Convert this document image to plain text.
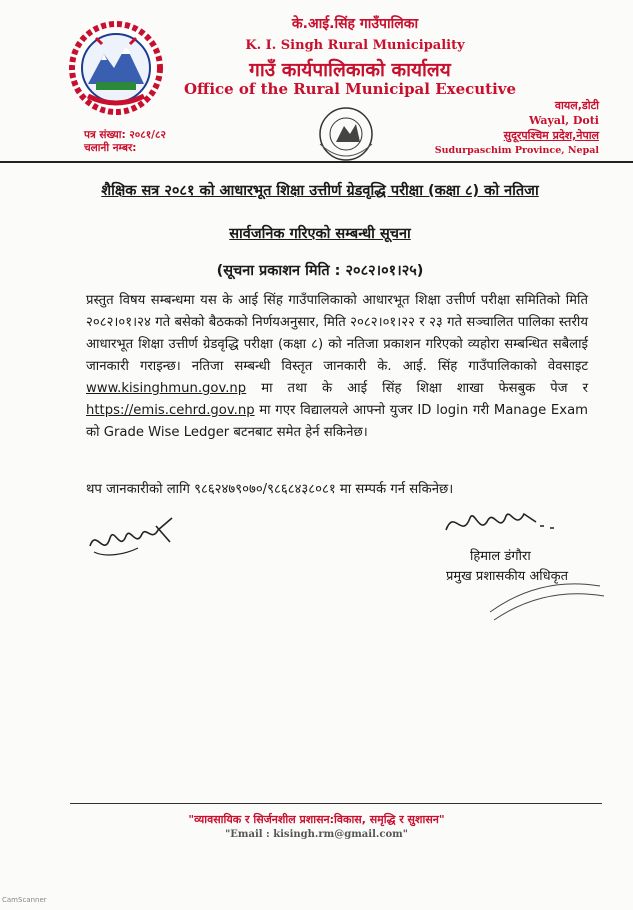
के.आई.सिंह गाउँपालिका
K. I. Singh Rural Municipality
गाउँ कार्यपालिकाको कार्यालय
Office of the Rural Municipal Executive
वायल,डोटी
Wayal, Doti
सुदूरपश्चिम प्रदेश,नेपाल
Sudurpaschim Province, Nepal
पत्र संख्या: २०८१/८२
चलानी नम्बर:
शैक्षिक सत्र २०८१ को आधारभूत शिक्षा उत्तीर्ण ग्रेडवृद्धि परीक्षा (कक्षा ८) को नतिजा
सार्वजनिक गरिएको सम्बन्धी सूचना
(सूचना प्रकाशन मिति : २०८२।०१।२५)
प्रस्तुत विषय सम्बन्धमा यस के आई सिंह गाउँपालिकाको आधारभूत शिक्षा उत्तीर्ण परीक्षा समितिको मिति २०८२।०१।२४ गते बसेको बैठकको निर्णयअनुसार, मिति २०८२।०१।२२ र २३ गते सञ्चालित पालिका स्तरीय आधारभूत शिक्षा उत्तीर्ण ग्रेडवृद्धि परीक्षा (कक्षा ८) को नतिजा प्रकाशन गरिएको व्यहोरा सम्बन्धित सबैलाई जानकारी गराइन्छ। नतिजा सम्बन्धी विस्तृत जानकारी के. आई. सिंह गाउँपालिकाको वेवसाइट www.kisinghmun.gov.np मा तथा के आई सिंह शिक्षा शाखा फेसबुक पेज र https://emis.cehrd.gov.np मा गएर विद्यालयले आफ्नो युजर ID login गरी Manage Exam को Grade Wise Ledger बटनबाट समेत हेर्न सकिनेछ।
थप जानकारीको लागि ९८६२४७९०७०/९८६८४३८०८१ मा सम्पर्क गर्न सकिनेछ।
हिमाल डंगौरा
प्रमुख प्रशासकीय अधिकृत
"व्यावसायिक र सिर्जनशील प्रशासन:विकास, समृद्धि र सुशासन"
"Email : kisingh.rm@gmail.com"
CamScanner
